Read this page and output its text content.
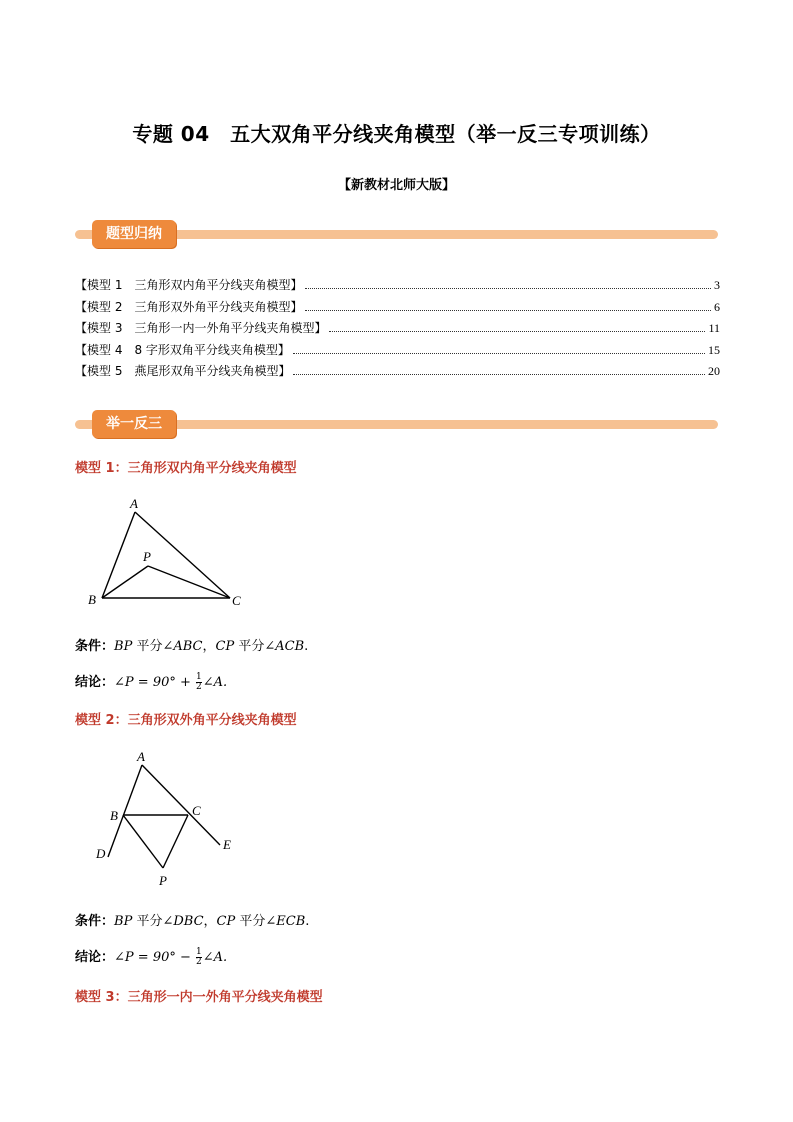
专题 04　五大双角平分线夹角模型（举一反三专项训练）
【新教材北师大版】
题型归纳
【模型 1　三角形双内角平分线夹角模型】	3
【模型 2　三角形双外角平分线夹角模型】	6
【模型 3　三角形一内一外角平分线夹角模型】	11
【模型 4　8 字形双角平分线夹角模型】	15
【模型 5　燕尾形双角平分线夹角模型】	20
举一反三
模型 1：三角形双内角平分线夹角模型
A
B	C
P
条件：BP 平分∠ABC，CP 平分∠ACB.
结论：∠P = $90^\circ + \frac{1}{2}$ ∠A.
模型 2：三角形双外角平分线夹角模型
A
B	C
D
E
P
条件：BP 平分∠DBC，CP 平分∠ECB.
结论：∠P = $90^\circ - \frac{1}{2}$ ∠A.
模型 3：三角形一内一外角平分线夹角模型
